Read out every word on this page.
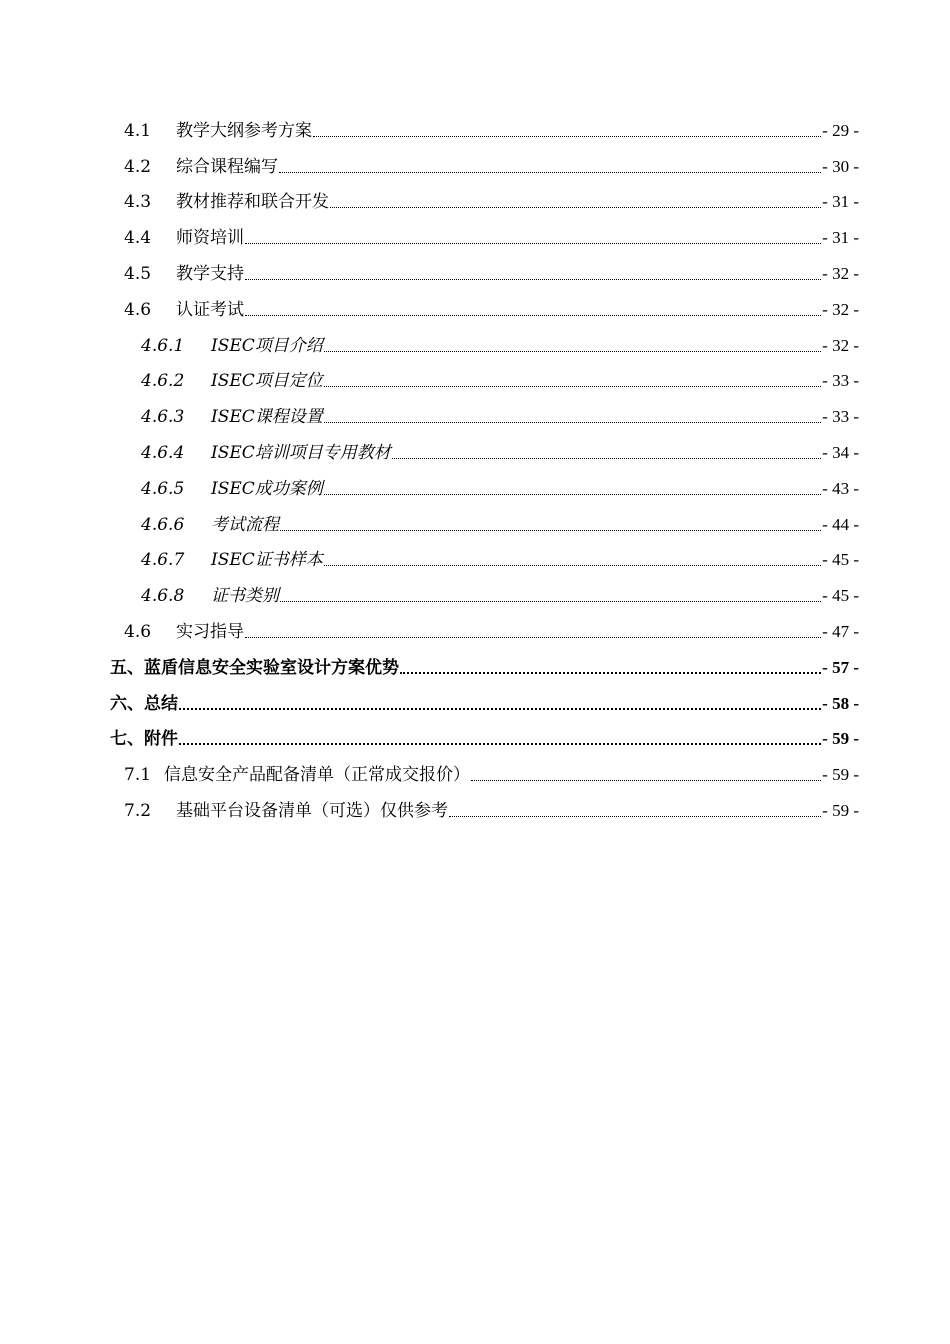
4.1	教学大纲参考方案	- 29 -
4.2	综合课程编写	- 30 -
4.3	教材推荐和联合开发	- 31 -
4.4	师资培训	- 31 -
4.5	教学支持	- 32 -
4.6	认证考试	- 32 -
4.6.1	ISEC项目介绍	- 32 -
4.6.2	ISEC项目定位	- 33 -
4.6.3	ISEC课程设置	- 33 -
4.6.4	ISEC培训项目专用教材	- 34 -
4.6.5	ISEC成功案例	- 43 -
4.6.6	考试流程	- 44 -
4.6.7	ISEC证书样本	- 45 -
4.6.8	证书类别	- 45 -
4.6	实习指导	- 47 -
五、蓝盾信息安全实验室设计方案优势	- 57 -
六、总结	- 58 -
七、附件	- 59 -
7.1 信息安全产品配备清单（正常成交报价）	- 59 -
7.2	基础平台设备清单（可选）仅供参考	- 59 -
